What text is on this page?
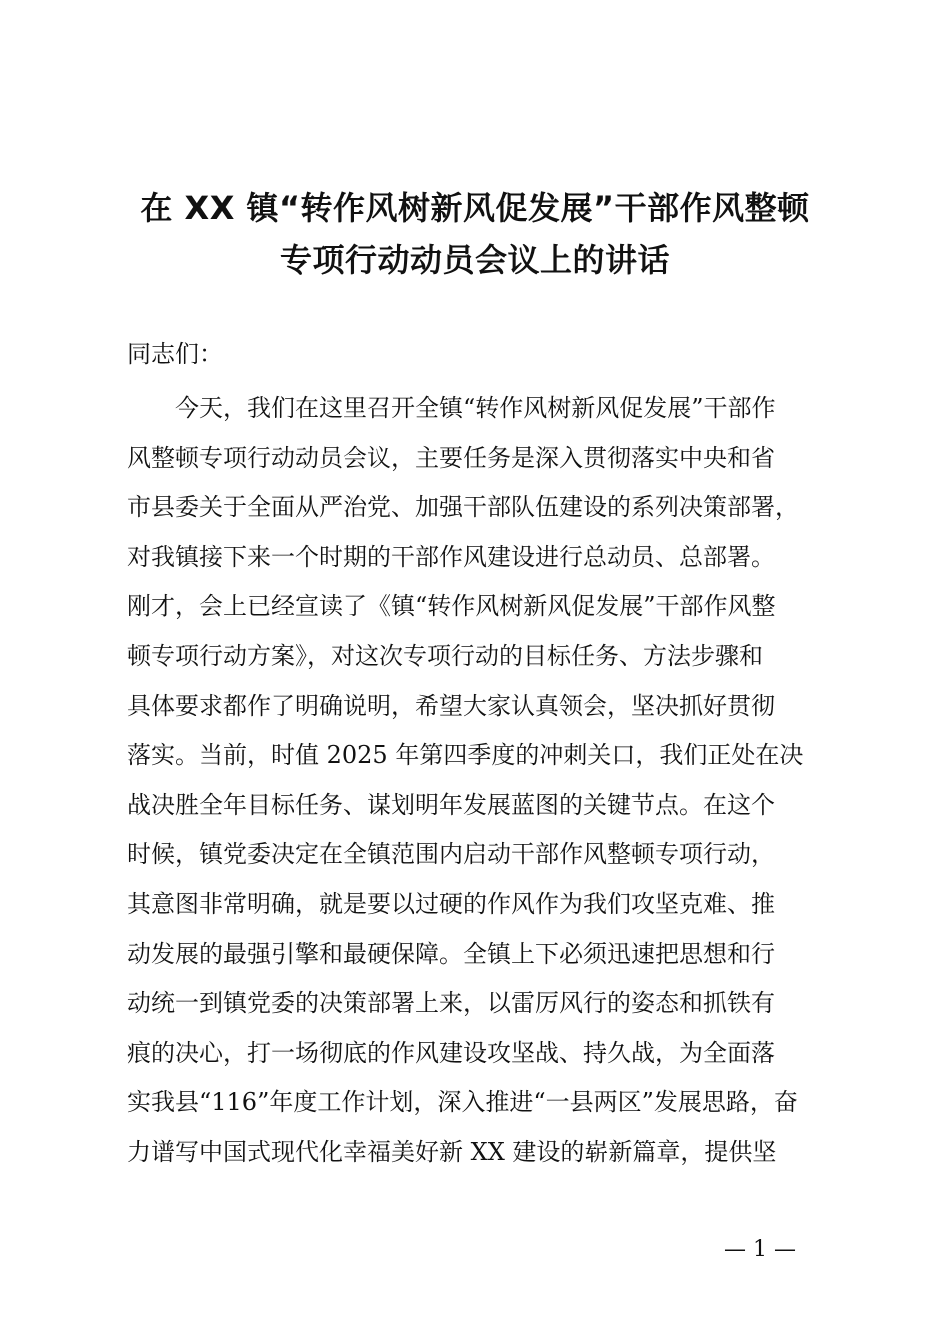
在 XX 镇“转作风树新风促发展”干部作风整顿
专项行动动员会议上的讲话
同志们：
今天，我们在这里召开全镇“转作风树新风促发展”干部作
风整顿专项行动动员会议，主要任务是深入贯彻落实中央和省
市县委关于全面从严治党、加强干部队伍建设的系列决策部署，
对我镇接下来一个时期的干部作风建设进行总动员、总部署。
刚才，会上已经宣读了《镇“转作风树新风促发展”干部作风整
顿专项行动方案》，对这次专项行动的目标任务、方法步骤和
具体要求都作了明确说明，希望大家认真领会，坚决抓好贯彻
落实。当前，时值 2025 年第四季度的冲刺关口，我们正处在决
战决胜全年目标任务、谋划明年发展蓝图的关键节点。在这个
时候，镇党委决定在全镇范围内启动干部作风整顿专项行动，
其意图非常明确，就是要以过硬的作风作为我们攻坚克难、推
动发展的最强引擎和最硬保障。全镇上下必须迅速把思想和行
动统一到镇党委的决策部署上来，以雷厉风行的姿态和抓铁有
痕的决心，打一场彻底的作风建设攻坚战、持久战，为全面落
实我县“116”年度工作计划，深入推进“一县两区”发展思路，奋
力谱写中国式现代化幸福美好新 XX 建设的崭新篇章，提供坚
— 1 —
